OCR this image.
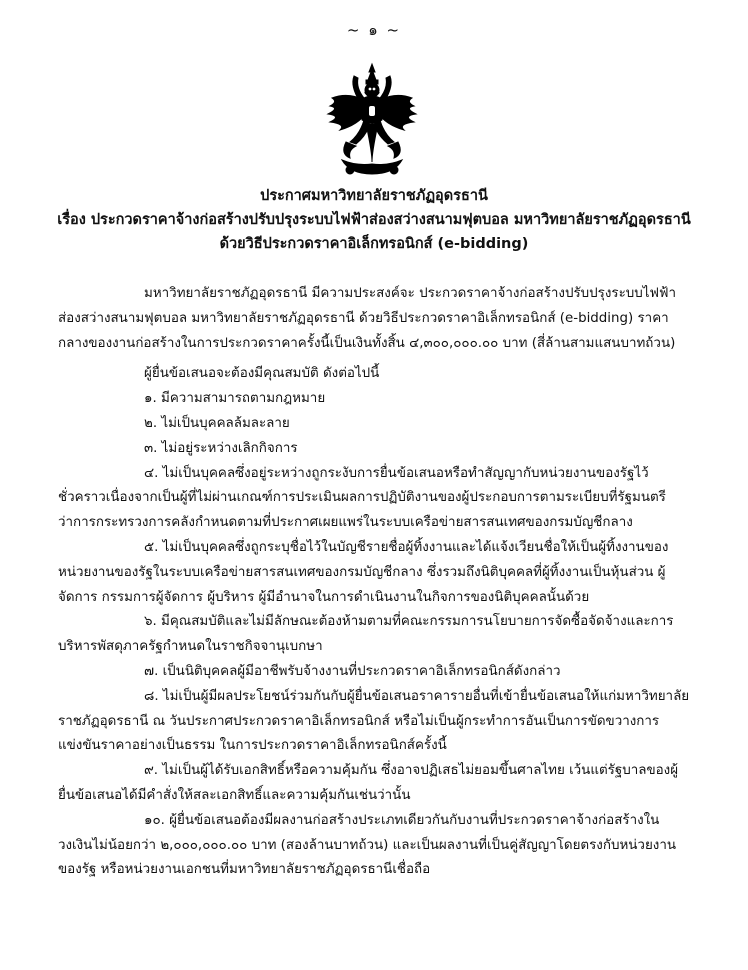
~ ๑ ~
ประกาศมหาวิทยาลัยราชภัฏอุดรธานี
เรื่อง ประกวดราคาจ้างก่อสร้างปรับปรุงระบบไฟฟ้าส่องสว่างสนามฟุตบอล มหาวิทยาลัยราชภัฏอุดรธานี
ด้วยวิธีประกวดราคาอิเล็กทรอนิกส์ (e-bidding)

มหาวิทยาลัยราชภัฏอุดรธานี มีความประสงค์จะ ประกวดราคาจ้างก่อสร้างปรับปรุงระบบไฟฟ้าส่องสว่างสนามฟุตบอล มหาวิทยาลัยราชภัฏอุดรธานี ด้วยวิธีประกวดราคาอิเล็กทรอนิกส์ (e-bidding) ราคากลางของงานก่อสร้างในการประกวดราคาครั้งนี้เป็นเงินทั้งสิ้น ๔,๓๐๐,๐๐๐.๐๐ บาท (สี่ล้านสามแสนบาทถ้วน)

ผู้ยื่นข้อเสนอจะต้องมีคุณสมบัติ ดังต่อไปนี้

๑. มีความสามารถตามกฎหมาย

๒. ไม่เป็นบุคคลล้มละลาย

๓. ไม่อยู่ระหว่างเลิกกิจการ

๔. ไม่เป็นบุคคลซึ่งอยู่ระหว่างถูกระงับการยื่นข้อเสนอหรือทำสัญญากับหน่วยงานของรัฐไว้ชั่วคราวเนื่องจากเป็นผู้ที่ไม่ผ่านเกณฑ์การประเมินผลการปฏิบัติงานของผู้ประกอบการตามระเบียบที่รัฐมนตรีว่าการกระทรวงการคลังกำหนดตามที่ประกาศเผยแพร่ในระบบเครือข่ายสารสนเทศของกรมบัญชีกลาง

๕. ไม่เป็นบุคคลซึ่งถูกระบุชื่อไว้ในบัญชีรายชื่อผู้ทิ้งงานและได้แจ้งเวียนชื่อให้เป็นผู้ทิ้งงานของหน่วยงานของรัฐในระบบเครือข่ายสารสนเทศของกรมบัญชีกลาง ซึ่งรวมถึงนิติบุคคลที่ผู้ทิ้งงานเป็นหุ้นส่วน ผู้จัดการ กรรมการผู้จัดการ ผู้บริหาร ผู้มีอำนาจในการดำเนินงานในกิจการของนิติบุคคลนั้นด้วย

๖. มีคุณสมบัติและไม่มีลักษณะต้องห้ามตามที่คณะกรรมการนโยบายการจัดซื้อจัดจ้างและการบริหารพัสดุภาครัฐกำหนดในราชกิจจานุเบกษา

๗. เป็นนิติบุคคลผู้มีอาชีพรับจ้างงานที่ประกวดราคาอิเล็กทรอนิกส์ดังกล่าว

๘. ไม่เป็นผู้มีผลประโยชน์ร่วมกันกับผู้ยื่นข้อเสนอราคารายอื่นที่เข้ายื่นข้อเสนอให้แก่มหาวิทยาลัยราชภัฏอุดรธานี ณ วันประกาศประกวดราคาอิเล็กทรอนิกส์ หรือไม่เป็นผู้กระทำการอันเป็นการขัดขวางการแข่งขันราคาอย่างเป็นธรรม ในการประกวดราคาอิเล็กทรอนิกส์ครั้งนี้

๙. ไม่เป็นผู้ได้รับเอกสิทธิ์หรือความคุ้มกัน ซึ่งอาจปฏิเสธไม่ยอมขึ้นศาลไทย เว้นแต่รัฐบาลของผู้ยื่นข้อเสนอได้มีคำสั่งให้สละเอกสิทธิ์และความคุ้มกันเช่นว่านั้น

๑๐. ผู้ยื่นข้อเสนอต้องมีผลงานก่อสร้างประเภทเดียวกันกับงานที่ประกวดราคาจ้างก่อสร้างในวงเงินไม่น้อยกว่า ๒,๐๐๐,๐๐๐.๐๐ บาท (สองล้านบาทถ้วน) และเป็นผลงานที่เป็นคู่สัญญาโดยตรงกับหน่วยงานของรัฐ หรือหน่วยงานเอกชนที่มหาวิทยาลัยราชภัฏอุดรธานีเชื่อถือ
